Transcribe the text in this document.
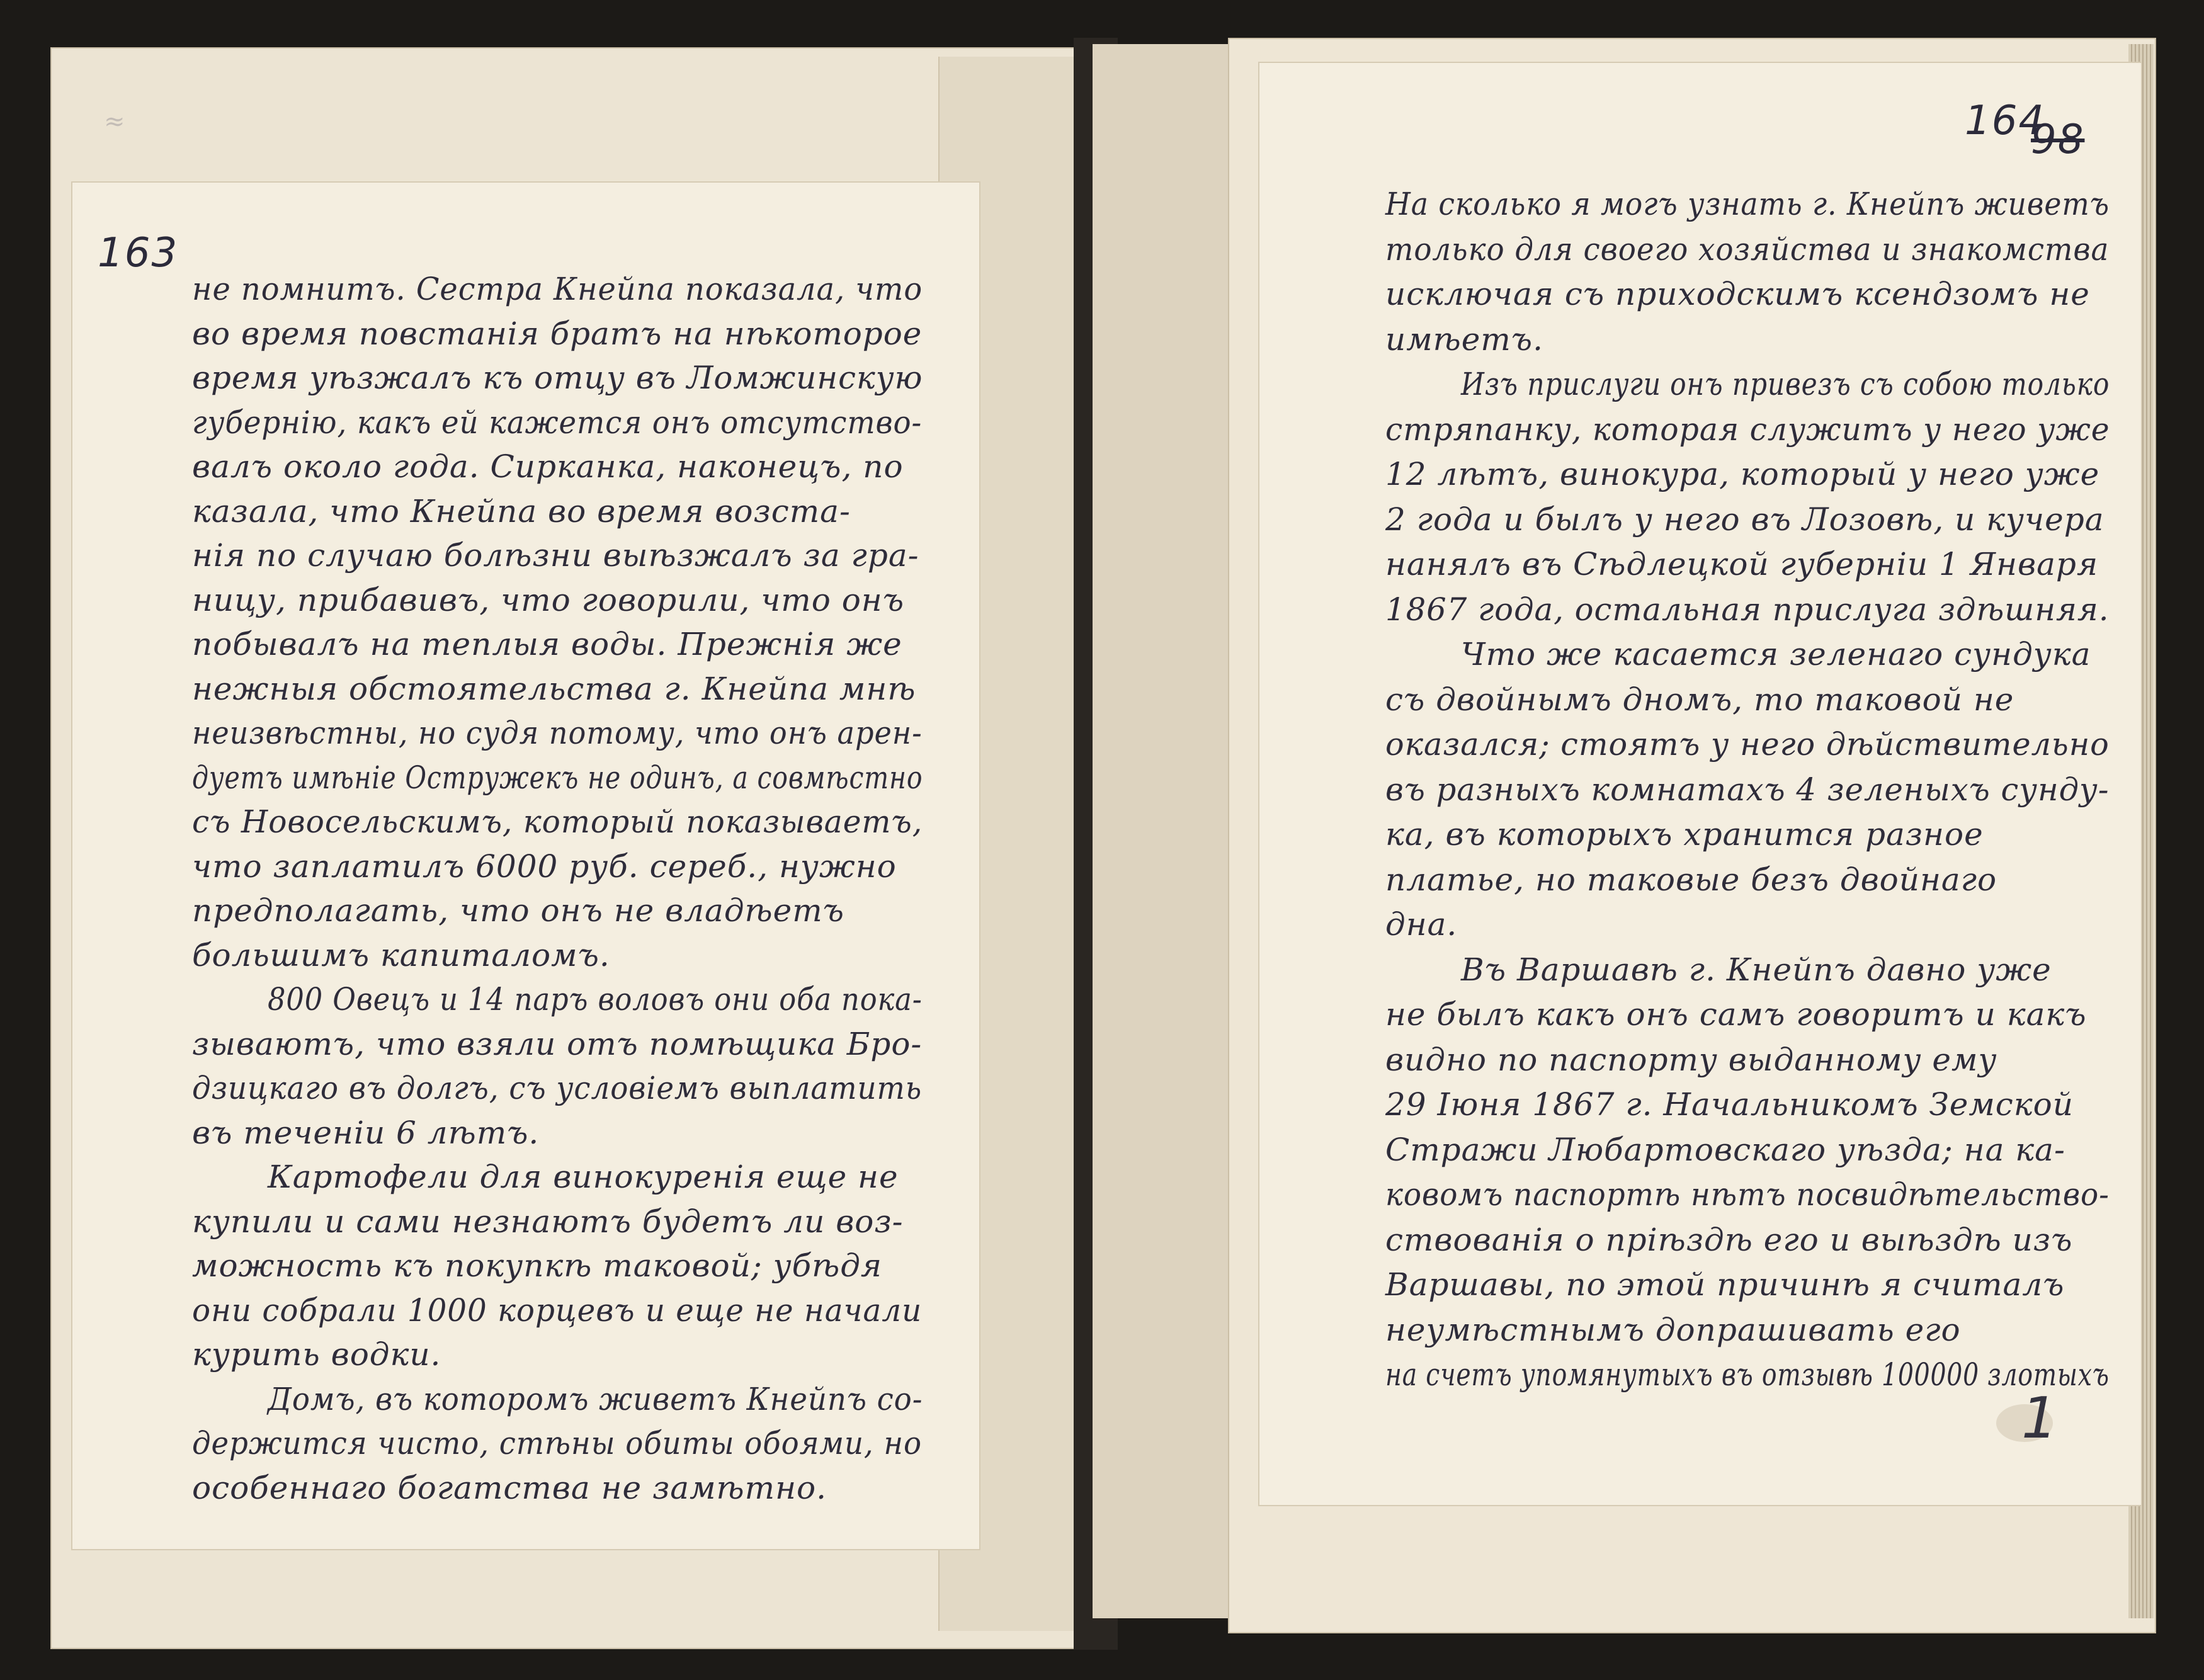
≈
163
не помнитъ. Сестра Кнейпа показала, что
во время повстанія братъ на нѣкоторое
время уѣзжалъ къ отцу въ Ломжинскую
губернію, какъ ей кажется онъ отсутство-
валъ около года. Сирканка, наконецъ, по
казала, что Кнейпа во время возста-
нія по случаю болѣзни выѣзжалъ за гра-
ницу, прибавивъ, что говорили, что онъ
побывалъ на теплыя воды. Прежнія же
нежныя обстоятельства г. Кнейпа мнѣ
неизвѣстны, но судя потому, что онъ арен-
дуетъ имѣніе Остружекъ не одинъ, а совмѣстно
съ Новосельскимъ, который показываетъ,
что заплатилъ 6000 руб. сереб., нужно
предполагать, что онъ не владѣетъ
большимъ капиталомъ.
800 Овецъ и 14 паръ воловъ они оба пока-
зываютъ, что взяли отъ помѣщика Бро-
дзицкаго въ долгъ, съ условіемъ выплатить
въ теченіи 6 лѣтъ.
Картофели для винокуренія еще не
купили и сами незнаютъ будетъ ли воз-
можность къ покупкѣ таковой; убѣдя
они собрали 1000 корцевъ и еще не начали
курить водки.
Домъ, въ которомъ живетъ Кнейпъ со-
держится чисто, стѣны обиты обоями, но
особеннаго богатства не замѣтно.
164
98
1
На сколько я могъ узнать г. Кнейпъ живетъ
только для своего хозяйства и знакомства
исключая съ приходскимъ ксендзомъ не
имѣетъ.
Изъ прислуги онъ привезъ съ собою только
стряпанку, которая служитъ у него уже
12 лѣтъ, винокура, который у него уже
2 года и былъ у него въ Лозовѣ, и кучера
нанялъ въ Сѣдлецкой губерніи 1 Января
1867 года, остальная прислуга здѣшняя.
Что же касается зеленаго сундука
съ двойнымъ дномъ, то таковой не
оказался; стоятъ у него дѣйствительно
въ разныхъ комнатахъ 4 зеленыхъ сунду-
ка, въ которыхъ хранится разное
платье, но таковые безъ двойнаго
дна.
Въ Варшавѣ г. Кнейпъ давно уже
не былъ какъ онъ самъ говоритъ и какъ
видно по паспорту выданному ему
29 Іюня 1867 г. Начальникомъ Земской
Стражи Любартовскаго уѣзда; на ка-
ковомъ паспортѣ нѣтъ посвидѣтельство-
ствованія о пріѣздѣ его и выѣздѣ изъ
Варшавы, по этой причинѣ я считалъ
неумѣстнымъ допрашивать его
на счетъ упомянутыхъ въ отзывѣ 100000 злотыхъ
